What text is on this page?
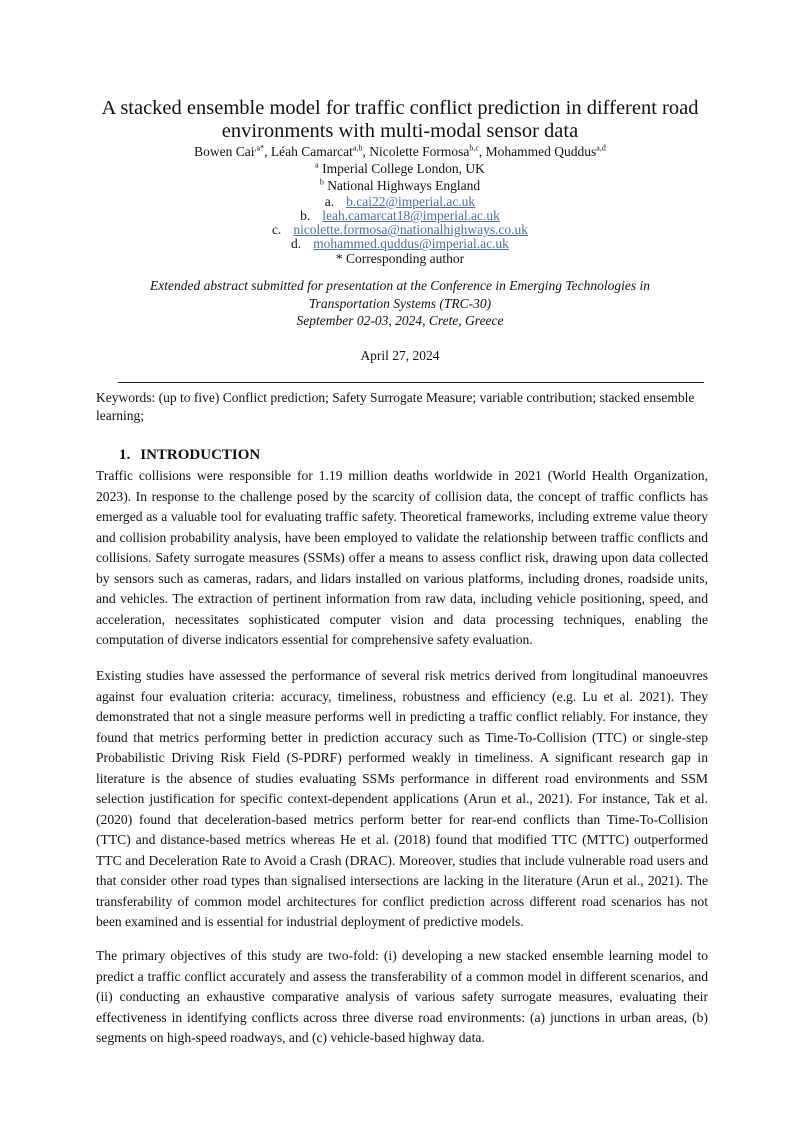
A stacked ensemble model for traffic conflict prediction in different road
environments with multi-modal sensor data
Bowen Cai$^{,a*}$, Léah Camarcat$^{a,b}$, Nicolette Formosa$^{b,c}$, Mohammed Quddus$^{a,d}$
$^a$ Imperial College London, UK
$^b$ National Highways England
a. b.cai22@imperial.ac.uk
b. leah.camarcat18@imperial.ac.uk
c. nicolette.formosa@nationalhighways.co.uk
d. mohammed.quddus@imperial.ac.uk
* Corresponding author
Extended abstract submitted for presentation at the Conference in Emerging Technologies in
Transportation Systems (TRC-30)
September 02-03, 2024, Crete, Greece
April 27, 2024
Keywords: (up to five) Conflict prediction; Safety Surrogate Measure; variable contribution; stacked ensemble learning;
1. INTRODUCTION
Traffic collisions were responsible for 1.19 million deaths worldwide in 2021 (World Health Organization, 2023). In response to the challenge posed by the scarcity of collision data, the concept of traffic conflicts has emerged as a valuable tool for evaluating traffic safety. Theoretical frameworks, including extreme value theory and collision probability analysis, have been employed to validate the relationship between traffic conflicts and collisions. Safety surrogate measures (SSMs) offer a means to assess conflict risk, drawing upon data collected by sensors such as cameras, radars, and lidars installed on various platforms, including drones, roadside units, and vehicles. The extraction of pertinent information from raw data, including vehicle positioning, speed, and acceleration, necessitates sophisticated computer vision and data processing techniques, enabling the computation of diverse indicators essential for comprehensive safety evaluation.
Existing studies have assessed the performance of several risk metrics derived from longitudinal manoeuvres against four evaluation criteria: accuracy, timeliness, robustness and efficiency (e.g. Lu et al. 2021). They demonstrated that not a single measure performs well in predicting a traffic conflict reliably. For instance, they found that metrics performing better in prediction accuracy such as Time-To-Collision (TTC) or single-step Probabilistic Driving Risk Field (S-PDRF) performed weakly in timeliness. A significant research gap in literature is the absence of studies evaluating SSMs performance in different road environments and SSM selection justification for specific context-dependent applications (Arun et al., 2021). For instance, Tak et al. (2020) found that deceleration-based metrics perform better for rear-end conflicts than Time-To-Collision (TTC) and distance-based metrics whereas He et al. (2018) found that modified TTC (MTTC) outperformed TTC and Deceleration Rate to Avoid a Crash (DRAC). Moreover, studies that include vulnerable road users and that consider other road types than signalised intersections are lacking in the literature (Arun et al., 2021). The transferability of common model architectures for conflict prediction across different road scenarios has not been examined and is essential for industrial deployment of predictive models.
The primary objectives of this study are two-fold: (i) developing a new stacked ensemble learning model to predict a traffic conflict accurately and assess the transferability of a common model in different scenarios, and (ii) conducting an exhaustive comparative analysis of various safety surrogate measures, evaluating their effectiveness in identifying conflicts across three diverse road environments: (a) junctions in urban areas, (b) segments on high-speed roadways, and (c) vehicle-based highway data.
